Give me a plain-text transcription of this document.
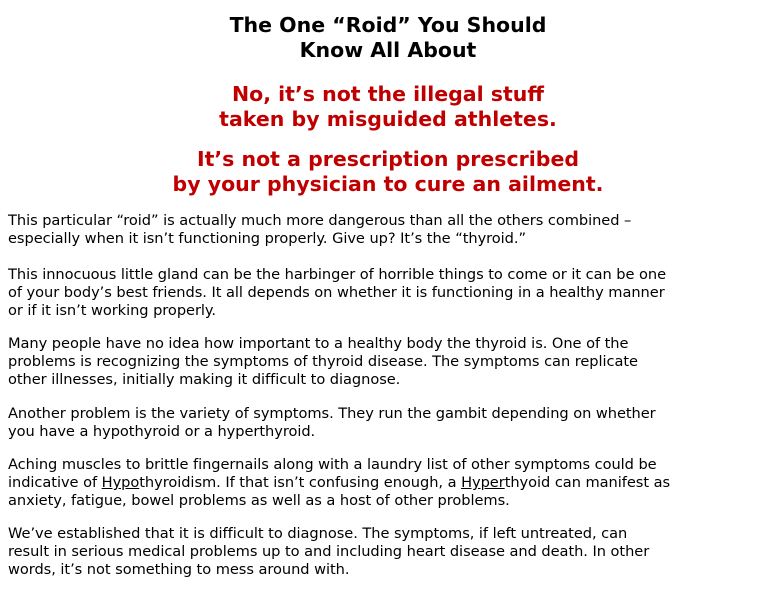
The One “Roid” You Should
Know All About
No, it’s not the illegal stuff
taken by misguided athletes.
It’s not a prescription prescribed
by your physician to cure an ailment.

This particular “roid” is actually much more dangerous than all the others combined –
especially when it isn’t functioning properly. Give up? It’s the “thyroid.”

This innocuous little gland can be the harbinger of horrible things to come or it can be one
of your body’s best friends. It all depends on whether it is functioning in a healthy manner
or if it isn’t working properly.

Many people have no idea how important to a healthy body the thyroid is. One of the
problems is recognizing the symptoms of thyroid disease. The symptoms can replicate
other illnesses, initially making it difficult to diagnose.

Another problem is the variety of symptoms. They run the gambit depending on whether
you have a hypothyroid or a hyperthyroid.

Aching muscles to brittle fingernails along with a laundry list of other symptoms could be
indicative of Hypothyroidism. If that isn’t confusing enough, a Hyperthyoid can manifest as
anxiety, fatigue, bowel problems as well as a host of other problems.

We’ve established that it is difficult to diagnose. The symptoms, if left untreated, can
result in serious medical problems up to and including heart disease and death. In other
words, it’s not something to mess around with.
